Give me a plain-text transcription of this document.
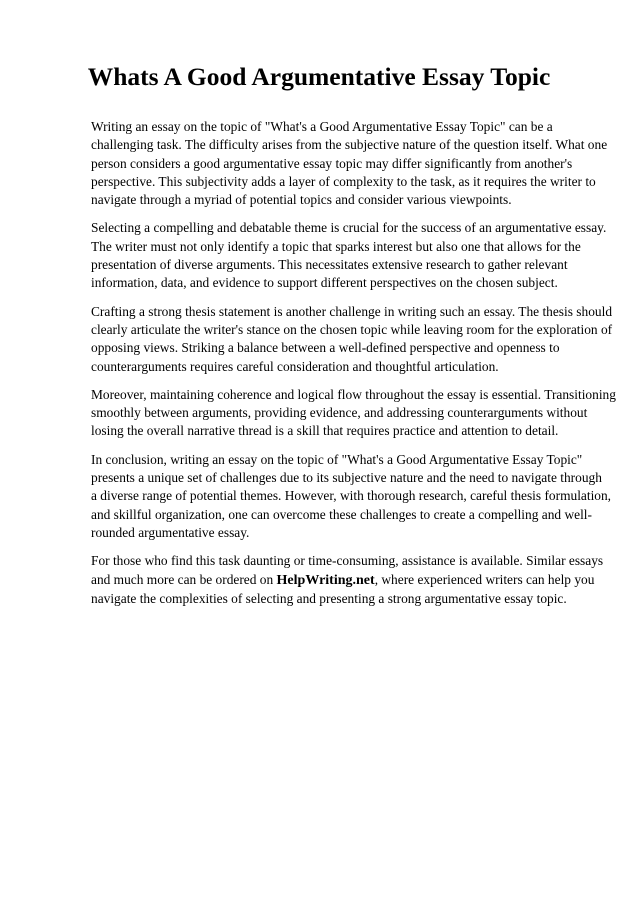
Whats A Good Argumentative Essay Topic

Writing an essay on the topic of "What's a Good Argumentative Essay Topic" can be a
challenging task. The difficulty arises from the subjective nature of the question itself. What one
person considers a good argumentative essay topic may differ significantly from another's
perspective. This subjectivity adds a layer of complexity to the task, as it requires the writer to
navigate through a myriad of potential topics and consider various viewpoints.

Selecting a compelling and debatable theme is crucial for the success of an argumentative essay.
The writer must not only identify a topic that sparks interest but also one that allows for the
presentation of diverse arguments. This necessitates extensive research to gather relevant
information, data, and evidence to support different perspectives on the chosen subject.

Crafting a strong thesis statement is another challenge in writing such an essay. The thesis should
clearly articulate the writer's stance on the chosen topic while leaving room for the exploration of
opposing views. Striking a balance between a well-defined perspective and openness to
counterarguments requires careful consideration and thoughtful articulation.

Moreover, maintaining coherence and logical flow throughout the essay is essential. Transitioning
smoothly between arguments, providing evidence, and addressing counterarguments without
losing the overall narrative thread is a skill that requires practice and attention to detail.

In conclusion, writing an essay on the topic of "What's a Good Argumentative Essay Topic"
presents a unique set of challenges due to its subjective nature and the need to navigate through
a diverse range of potential themes. However, with thorough research, careful thesis formulation,
and skillful organization, one can overcome these challenges to create a compelling and well-
rounded argumentative essay.

For those who find this task daunting or time-consuming, assistance is available. Similar essays
and much more can be ordered on HelpWriting.net, where experienced writers can help you
navigate the complexities of selecting and presenting a strong argumentative essay topic.
